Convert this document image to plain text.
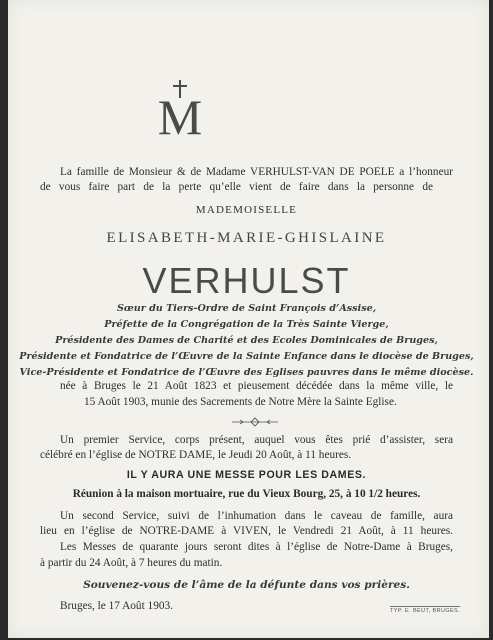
M
La famille de Monsieur & de Madame VERHULST-VAN DE POELE a l’honneur
de vous faire part de la perte qu’elle vient de faire dans la personne de
MADEMOISELLE
ELISABETH-MARIE-GHISLAINE
VERHULST
Sœur du Tiers-Ordre de Saint François d’Assise,
Préfette de la Congrégation de la Très Sainte Vierge,
Présidente des Dames de Charité et des Ecoles Dominicales de Bruges,
Présidente et Fondatrice de l’Œuvre de la Sainte Enfance dans le diocèse de Bruges,
Vice-Présidente et Fondatrice de l’Œuvre des Eglises pauvres dans le même diocèse.
née à Bruges le 21 Août 1823 et pieusement décédée dans la même ville, le
15 Août 1903, munie des Sacrements de Notre Mère la Sainte Eglise.
Un premier Service, corps présent, auquel vous êtes prié d’assister, sera
célébré en l’église de NOTRE DAME, le Jeudi 20 Août, à 11 heures.
IL Y AURA UNE MESSE POUR LES DAMES.
Réunion à la maison mortuaire, rue du Vieux Bourg, 25, à 10 1/2 heures.
Un second Service, suivi de l’inhumation dans le caveau de famille, aura
lieu en l’église de NOTRE-DAME à VIVEN, le Vendredi 21 Août, à 11 heures.
Les Messes de quarante jours seront dites à l’église de Notre-Dame à Bruges,
à partir du 24 Août, à 7 heures du matin.
Souvenez-vous de l’âme de la défunte dans vos prières.
Bruges, le 17 Août 1903.	TYP. E. BEUT, BRUGES.
